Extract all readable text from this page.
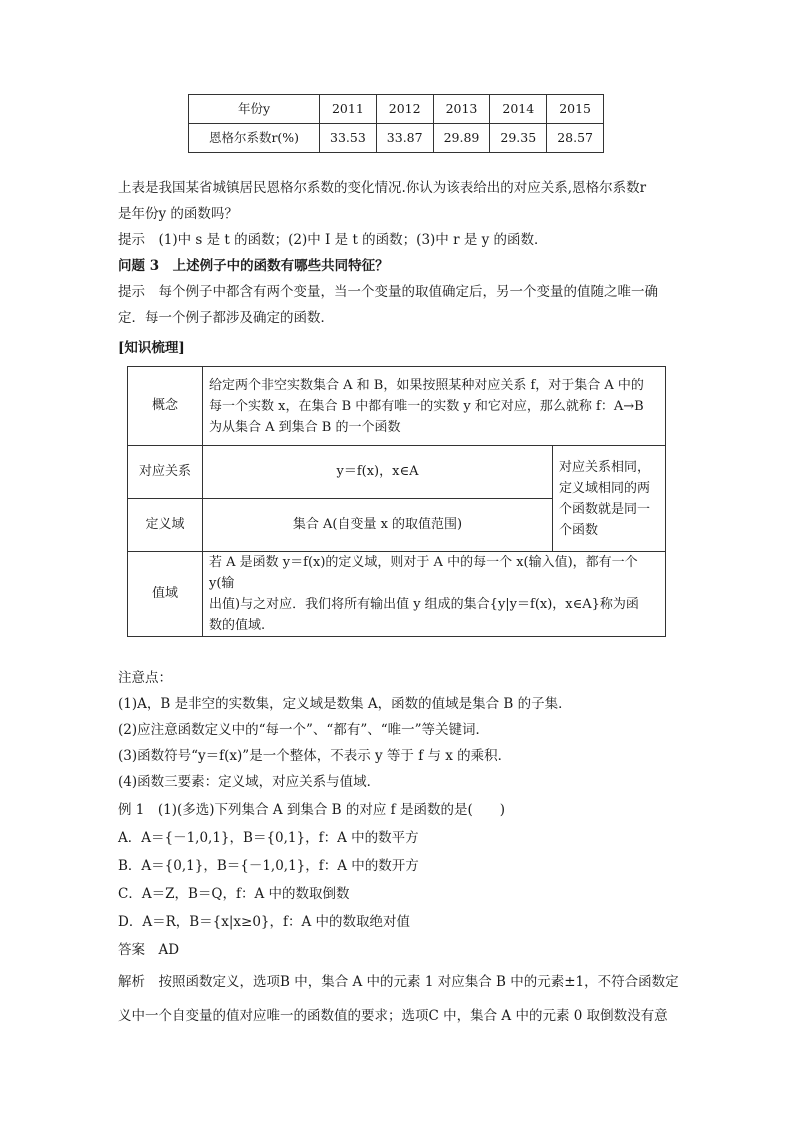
年份y	2011	2012	2013	2014	2015
恩格尔系数r(%)	33.53	33.87	29.89	29.35	28.57
上表是我国某省城镇居民恩格尔系数的变化情况.你认为该表给出的对应关系,恩格尔系数r
是年份y 的函数吗？
提示　(1)中 s 是 t 的函数；(2)中 I 是 t 的函数；(3)中 r 是 y 的函数．
问题 3　上述例子中的函数有哪些共同特征？
提示　每个例子中都含有两个变量，当一个变量的取值确定后，另一个变量的值随之唯一确
定．每一个例子都涉及确定的函数．
[知识梳理]
概念	给定两个非空实数集合 A 和 B，如果按照某种对应关系 f，对于集合 A 中的
每一个实数 x，在集合 B 中都有唯一的实数 y 和它对应，那么就称 f：A→B
为从集合 A 到集合 B 的一个函数	

对应关系	y＝f(x)，x∈A	对应关系相同，
定义域相同的两
个函数就是同一
个函数

定义域	集合 A(自变量 x 的取值范围)	
值域	若 A 是函数 y＝f(x)的定义域，则对于 A 中的每一个 x(输入值)，都有一个 y(输
出值)与之对应．我们将所有输出值 y 组成的集合{y|y＝f(x)，x∈A}称为函
数的值域.	
注意点：
(1)A，B 是非空的实数集，定义域是数集 A，函数的值域是集合 B 的子集．
(2)应注意函数定义中的“每一个”、“都有”、“唯一”等关键词．
(3)函数符号“y＝f(x)”是一个整体，不表示 y 等于 f 与 x 的乘积．
(4)函数三要素：定义域，对应关系与值域．
例 1　(1)(多选)下列集合 A 到集合 B 的对应 f 是函数的是(　　)
A．A＝{－1,0,1}，B＝{0,1}，f：A 中的数平方
B．A＝{0,1}，B＝{－1,0,1}，f：A 中的数开方
C．A＝Z，B＝Q，f：A 中的数取倒数
D．A＝R，B＝{x|x≥0}，f：A 中的数取绝对值
答案　AD
解析　按照函数定义，选项B 中，集合 A 中的元素 1 对应集合 B 中的元素±1，不符合函数定
义中一个自变量的值对应唯一的函数值的要求；选项C 中，集合 A 中的元素 0 取倒数没有意
